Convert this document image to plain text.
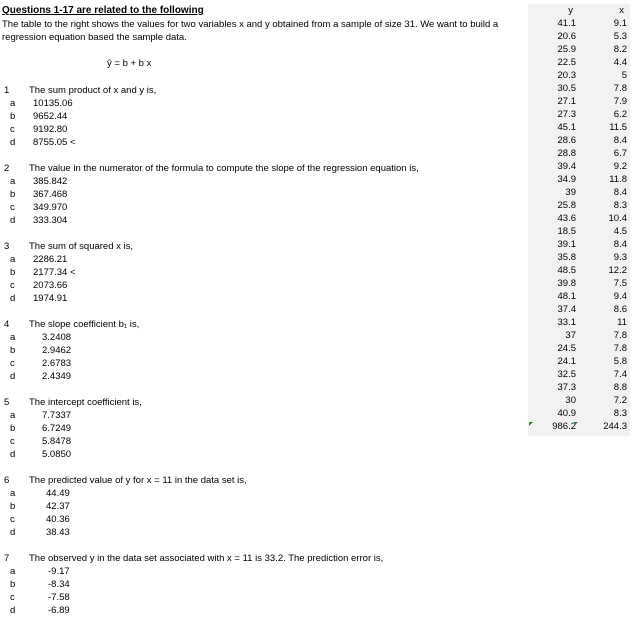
Questions 1-17 are related to the following
The table to the right shows the values for two variables x and y obtained from a sample of size 31. We want to build a
regression equation based the sample data.
ŷ = b + b x
1	The sum product of x and y is,
a	10135.06
b	9652.44
c	9192.80
d	8755.05 <
2	The value in the numerator of the formula to compute the slope of the regression equation is,
a	385.842
b	367.468
c	349.970
d	333.304
3	The sum of squared x is,
a	2286.21
b	2177.34 <
c	2073.66
d	1974.91
4	The slope coefficient b₁ is,
a	3.2408
b	2.9462
c	2.6783
d	2.4349
5	The intercept coefficient is,
a	7.7337
b	6.7249
c	5.8478
d	5.0850
6	The predicted value of y for x = 11 in the data set is,
a	44.49
b	42.37
c	40.36
d	38.43
7	The observed y in the data set associated with x = 11 is 33.2. The prediction error is,
a	-9.17
b	-8.34
c	-7.58
d	-6.89
y	x
41.1	9.1
20.6	5.3
25.9	8.2
22.5	4.4
20.3	5
30.5	7.8
27.1	7.9
27.3	6.2
45.1	11.5
28.6	8.4
28.8	6.7
39.4	9.2
34.9	11.8
39	8.4
25.8	8.3
43.6	10.4
18.5	4.5
39.1	8.4
35.8	9.3
48.5	12.2
39.8	7.5
48.1	9.4
37.4	8.6
33.1	11
37	7.8
24.5	7.8
24.1	5.8
32.5	7.4
37.3	8.8
30	7.2
40.9	8.3
986.2	244.3
